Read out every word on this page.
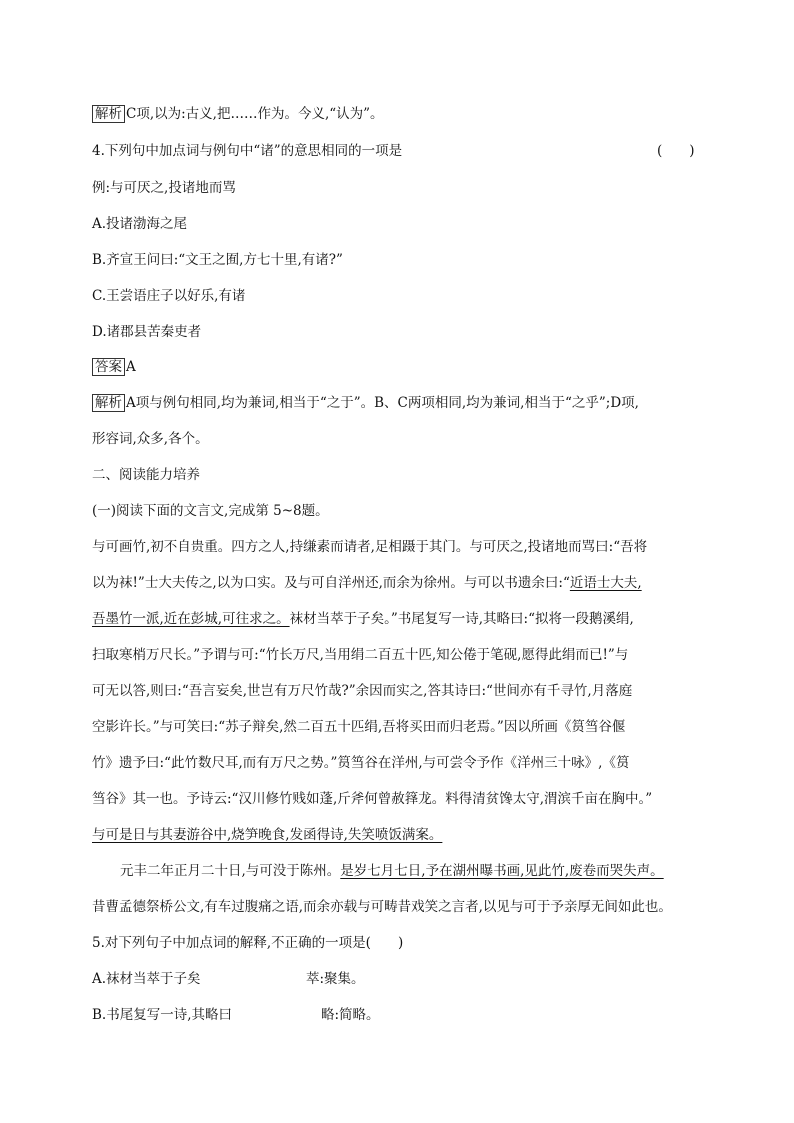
解析 C项,以为:古义,把……作为。今义,“认为”。
4.下列句中加点词与例句中“诸”的意思相同的一项是	(　　)
例:与可厌之,投诸地而骂
A.投诸渤海之尾
B.齐宣王问曰:“文王之囿,方七十里,有诸?”
C.王尝语庄子以好乐,有诸
D.诸郡县苦秦吏者
答案 A
解析 A项与例句相同,均为兼词,相当于“之于”。B、C两项相同,均为兼词,相当于“之乎”;D项,
形容词,众多,各个。
二、阅读能力培养
(一)阅读下面的文言文,完成第 5~8题。
与可画竹,初不自贵重。四方之人,持缣素而请者,足相蹑于其门。与可厌之,投诸地而骂曰:“吾将
以为袜!”士大夫传之,以为口实。及与可自洋州还,而余为徐州。与可以书遗余曰:“近语士大夫,
吾墨竹一派,近在彭城,可往求之。袜材当萃于子矣。”书尾复写一诗,其略曰:“拟将一段鹅溪绢,
扫取寒梢万尺长。”予谓与可:“竹长万尺,当用绢二百五十匹,知公倦于笔砚,愿得此绢而已!”与
可无以答,则曰:“吾言妄矣,世岂有万尺竹哉?”余因而实之,答其诗曰:“世间亦有千寻竹,月落庭
空影许长。”与可笑曰:“苏子辩矣,然二百五十匹绢,吾将买田而归老焉。”因以所画《筼筜谷偃
竹》遗予曰:“此竹数尺耳,而有万尺之势。”筼筜谷在洋州,与可尝令予作《洋州三十咏》,《筼
筜谷》其一也。予诗云:“汉川修竹贱如蓬,斤斧何曾赦箨龙。料得清贫馋太守,渭滨千亩在胸中。”
与可是日与其妻游谷中,烧笋晚食,发函得诗,失笑喷饭满案。
元丰二年正月二十日,与可没于陈州。是岁七月七日,予在湖州曝书画,见此竹,废卷而哭失声。
昔曹孟德祭桥公文,有车过腹痛之语,而余亦载与可畴昔戏笑之言者,以见与可于予亲厚无间如此也。
5.对下列句子中加点词的解释,不正确的一项是(　　)
A.袜材当萃于子矣	萃:聚集。
B.书尾复写一诗,其略曰	略:简略。
